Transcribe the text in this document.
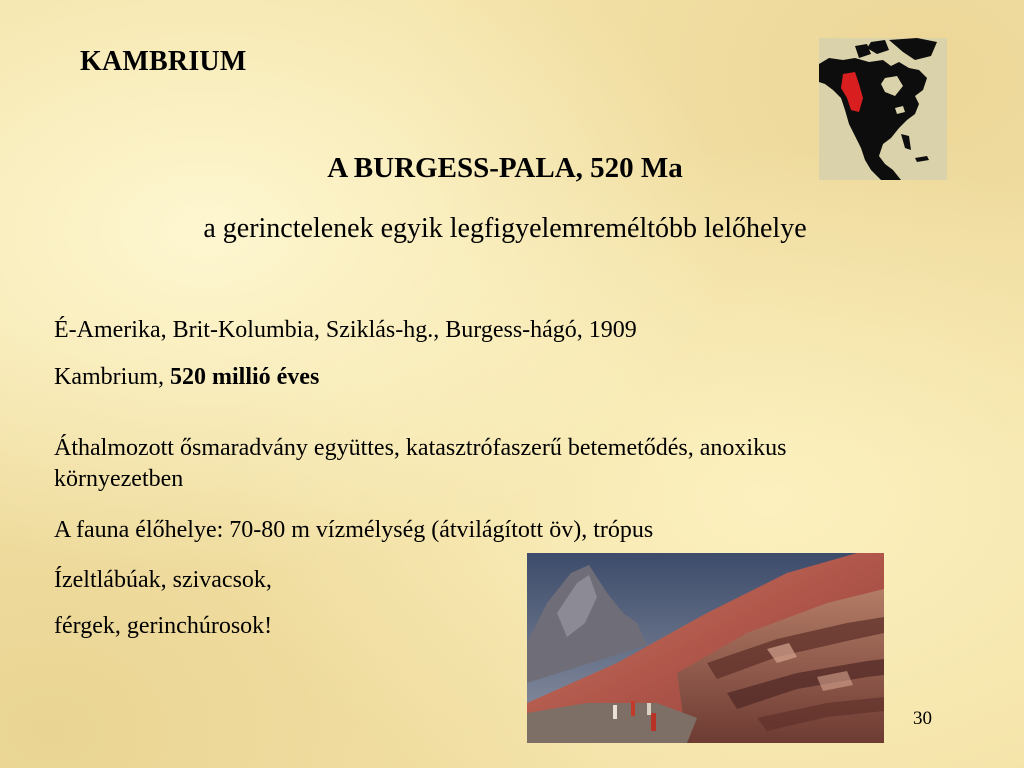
KAMBRIUM
A BURGESS-PALA, 520 Ma
a gerinctelenek egyik legfigyelemreméltóbb lelőhelye
É-Amerika, Brit-Kolumbia, Sziklás-hg., Burgess-hágó, 1909
Kambrium, 520 millió éves
Áthalmozott ősmaradvány együttes, katasztrófaszerű betemetődés, anoxikus környezetben
A fauna élőhelye: 70-80 m vízmélység (átvilágított öv), trópus
Ízeltlábúak, szivacsok,
férgek, gerinchúrosok!
30
